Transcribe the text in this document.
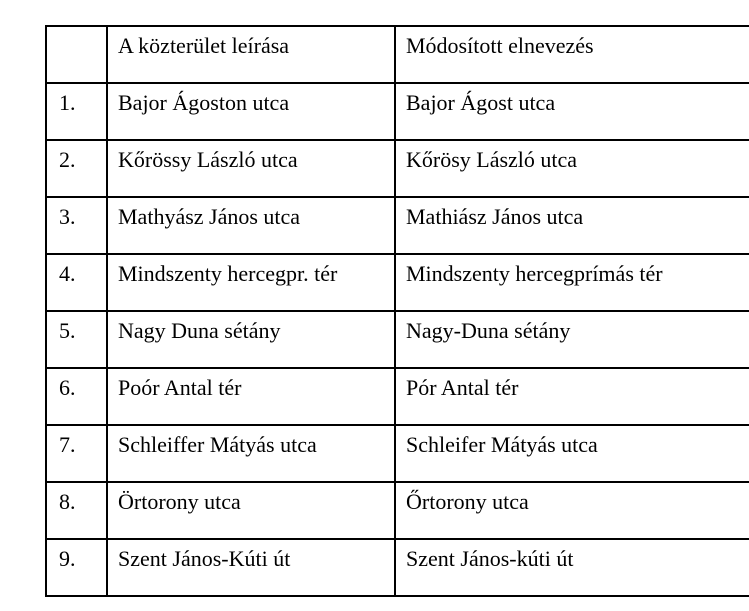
	A közterület leírása	Módosított elnevezés

1.	Bajor Ágoston utca	Bajor Ágost utca

2.	Kőrössy László utca	Kőrösy László utca

3.	Mathyász János utca	Mathiász János utca

4.	Mindszenty hercegpr. tér	Mindszenty hercegprímás tér

5.	Nagy Duna sétány	Nagy-Duna sétány

6.	Poór Antal tér	Pór Antal tér

7.	Schleiffer Mátyás utca	Schleifer Mátyás utca

8.	Örtorony utca	Őrtorony utca

9.	Szent János-Kúti út	Szent János-kúti út
